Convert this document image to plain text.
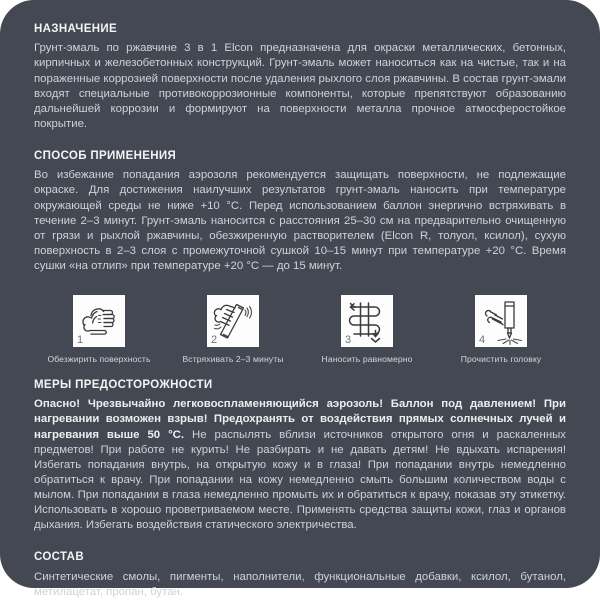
НАЗНАЧЕНИЕ
Грунт-эмаль по ржавчине 3 в 1 Elcon предназначена для окраски металлических, бетонных, кирпичных и железобетонных конструкций. Грунт-эмаль может наноситься как на чистые, так и на пораженные коррозией поверхности после удаления рыхлого слоя ржавчины. В состав грунт-эмали входят специальные противокоррозионные компоненты, которые препятствуют образованию дальнейшей коррозии и формируют на поверхности металла прочное атмосферостойкое покрытие.
СПОСОБ ПРИМЕНЕНИЯ
Во избежание попадания аэрозоля рекомендуется защищать поверхности, не подлежащие окраске. Для достижения наилучших результатов грунт-эмаль наносить при температуре окружающей среды не ниже +10 °С. Перед использованием баллон энергично встряхивать в течение 2–3 минут. Грунт-эмаль наносится с расстояния 25–30 см на предварительно очищенную от грязи и рыхлой ржавчины, обезжиренную растворителем (Elcon R, толуол, ксилол), сухую поверхность в 2–3 слоя с промежуточной сушкой 10–15 минут при температуре +20 °С. Время сушки «на отлип» при температуре +20 °С — до 15 минут.
1
Обезжирить поверхность
2
Встряхивать 2–3 минуты
3
Наносить равномерно
4
Прочистить головку
МЕРЫ ПРЕДОСТОРОЖНОСТИ
Опасно! Чрезвычайно легковоспламеняющийся аэрозоль! Баллон под давлением! При нагревании возможен взрыв! Предохранять от воздействия прямых солнечных лучей и нагревания выше 50 °С. Не распылять вблизи источников открытого огня и раскаленных предметов! При работе не курить! Не разбирать и не давать детям! Не вдыхать испарения! Избегать попадания внутрь, на открытую кожу и в глаза! При попадании внутрь немедленно обратиться к врачу. При попадании на кожу немедленно смыть большим количеством воды с мылом. При попадании в глаза немедленно промыть их и обратиться к врачу, показав эту этикетку. Использовать в хорошо проветриваемом месте. Применять средства защиты кожи, глаз и органов дыхания. Избегать воздействия статического электричества.
СОСТАВ
Синтетические смолы, пигменты, наполнители, функциональные добавки, ксилол, бутанол, метилацетат, пропан, бутан.
